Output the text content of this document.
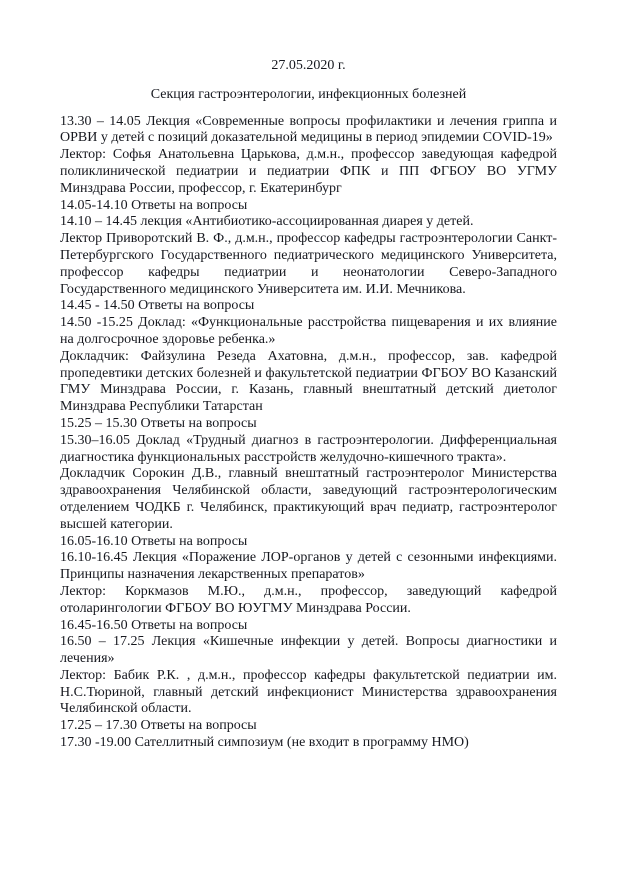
27.05.2020 г.

Секция гастроэнтерологии, инфекционных болезней

13.30 – 14.05 Лекция «Современные вопросы профилактики и лечения гриппа и ОРВИ у детей с позиций доказательной медицины в период эпидемии COVID-19»

Лектор: Софья Анатольевна Царькова, д.м.н., профессор заведующая кафедрой поликлинической педиатрии и педиатрии ФПК и ПП ФГБОУ ВО УГМУ Минздрава России, профессор, г. Екатеринбург

14.05-14.10 Ответы на вопросы

14.10 – 14.45 лекция «Антибиотико-ассоциированная диарея у детей.

Лектор Приворотский В. Ф., д.м.н., профессор кафедры гастроэнтерологии Санкт-Петербургского Государственного педиатрического медицинского Университета, профессор кафедры педиатрии и неонатологии Северо-Западного Государственного медицинского Университета им. И.И. Мечникова.

14.45 - 14.50 Ответы на вопросы

14.50 -15.25 Доклад: «Функциональные расстройства пищеварения и их влияние на долгосрочное здоровье ребенка.»

Докладчик: Файзулина Резеда Ахатовна, д.м.н., профессор, зав. кафедрой пропедевтики детских болезней и факультетской педиатрии ФГБОУ ВО Казанский ГМУ Минздрава России, г. Казань, главный внештатный детский диетолог Минздрава Республики Татарстан

15.25 – 15.30 Ответы на вопросы

15.30–16.05 Доклад «Трудный диагноз в гастроэнтерологии. Дифференциальная диагностика функциональных расстройств желудочно-кишечного тракта».

Докладчик Сорокин Д.В., главный внештатный гастроэнтеролог Министерства здравоохранения Челябинской области, заведующий гастроэнтерологическим отделением ЧОДКБ г. Челябинск, практикующий врач педиатр, гастроэнтеролог высшей категории.

16.05-16.10 Ответы на вопросы

16.10-16.45 Лекция «Поражение ЛОР-органов у детей с сезонными инфекциями. Принципы назначения лекарственных препаратов»

Лектор: Коркмазов М.Ю., д.м.н., профессор, заведующий кафедрой отоларингологии ФГБОУ ВО ЮУГМУ Минздрава России.

16.45-16.50 Ответы на вопросы

16.50 – 17.25 Лекция «Кишечные инфекции у детей. Вопросы диагностики и лечения»

Лектор: Бабик Р.К. , д.м.н., профессор кафедры факультетской педиатрии им. Н.С.Тюриной, главный детский инфекционист Министерства здравоохранения Челябинской области.

17.25 – 17.30 Ответы на вопросы

17.30 -19.00 Сателлитный симпозиум (не входит в программу НМО)
